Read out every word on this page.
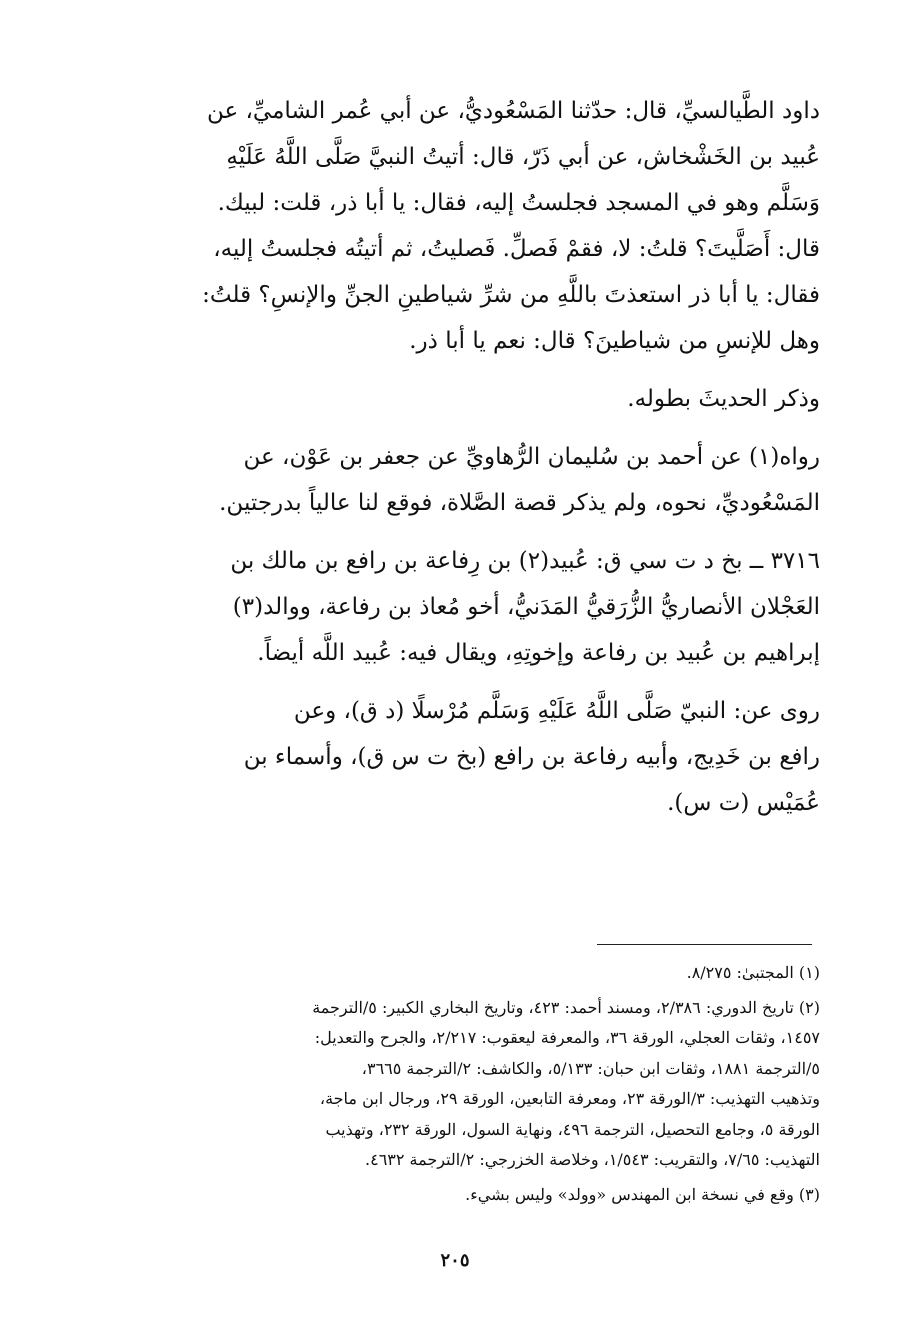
داود الطَّيالسيِّ، قال: حدّثنا المَسْعُوديُّ، عن أبي عُمر الشاميِّ، عن
عُبيد بن الخَشْخاش، عن أبي ذَرّ، قال: أتيتُ النبيَّ صَلَّى اللَّهُ عَلَيْهِ
وَسَلَّم وهو في المسجد فجلستُ إليه، فقال: يا أبا ذر، قلت: لبيك.
قال: أَصَلَّيتَ؟ قلتُ: لا، فقمْ فَصلِّ. فَصليتُ، ثم أتيتُه فجلستُ إليه،
فقال: يا أبا ذر استعذتَ باللَّهِ من شرِّ شياطينِ الجنِّ والإنسِ؟ قلتُ:
وهل للإنسِ من شياطينَ؟ قال: نعم يا أبا ذر.

وذكر الحديثَ بطوله.

رواه(١) عن أحمد بن سُليمان الرُّهاويِّ عن جعفر بن عَوْن، عن
المَسْعُوديِّ، نحوه، ولم يذكر قصة الصَّلاة، فوقع لنا عالياً بدرجتين.

٣٧١٦ ــ بخ د ت سي ق: عُبيد(٢) بن رِفاعة بن رافع بن مالك بن
العَجْلان الأنصاريُّ الزُّرَقيُّ المَدَنيُّ، أخو مُعاذ بن رفاعة، ووالد(٣)
إبراهيم بن عُبيد بن رفاعة وإخوتِهِ، ويقال فيه: عُبيد اللَّه أيضاً.

روى عن: النبيّ صَلَّى اللَّهُ عَلَيْهِ وَسَلَّم مُرْسلًا (د ق)، وعن
رافع بن خَدِيج، وأبيه رفاعة بن رافع (بخ ت س ق)، وأسماء بن
عُمَيْس (ت س).

(١) المجتبىٰ: ٨/٢٧٥.

(٢) تاريخ الدوري: ٢/٣٨٦، ومسند أحمد: ٤٢٣، وتاريخ البخاري الكبير: ٥/الترجمة
١٤٥٧، وثقات العجلي، الورقة ٣٦، والمعرفة ليعقوب: ٢/٢١٧، والجرح والتعديل:
٥/الترجمة ١٨٨١، وثقات ابن حبان: ٥/١٣٣، والكاشف: ٢/الترجمة ٣٦٦٥،
وتذهيب التهذيب: ٣/الورقة ٢٣، ومعرفة التابعين، الورقة ٢٩، ورجال ابن ماجة،
الورقة ٥، وجامع التحصيل، الترجمة ٤٩٦، ونهاية السول، الورقة ٢٣٢، وتهذيب
التهذيب: ٧/٦٥، والتقريب: ١/٥٤٣، وخلاصة الخزرجي: ٢/الترجمة ٤٦٣٢.

(٣) وقع في نسخة ابن المهندس «وولد» وليس بشيء.

٢٠٥
